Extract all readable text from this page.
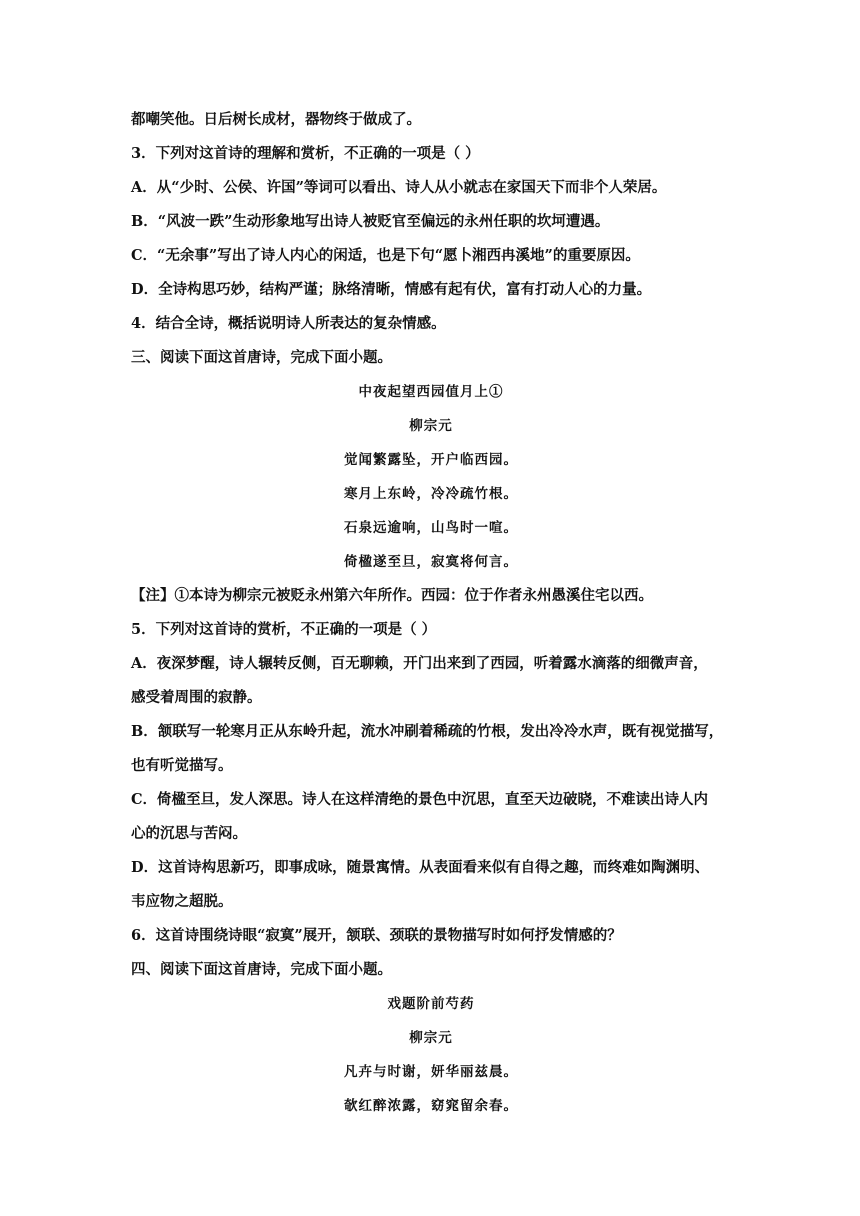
都嘲笑他。日后树长成材，器物终于做成了。
3．下列对这首诗的理解和赏析，不正确的一项是（ ）
A．从“少时、公侯、许国”等词可以看出、诗人从小就志在家国天下而非个人荣居。
B．“风波一跌”生动形象地写出诗人被贬官至偏远的永州任职的坎坷遭遇。
C．“无余事”写出了诗人内心的闲适，也是下句“愿卜湘西冉溪地”的重要原因。
D．全诗构思巧妙，结构严谨；脉络清晰，情感有起有伏，富有打动人心的力量。
4．结合全诗，概括说明诗人所表达的复杂情感。
三、阅读下面这首唐诗，完成下面小题。
中夜起望西园值月上①
柳宗元
觉闻繁露坠，开户临西园。
寒月上东岭，冷冷疏竹根。
石泉远逾响，山鸟时一喧。
倚楹遂至旦，寂寞将何言。
【注】①本诗为柳宗元被贬永州第六年所作。西园：位于作者永州愚溪住宅以西。
5．下列对这首诗的赏析，不 ·正 ·确 ·的一项是（ ）
A．夜深梦醒，诗人辗转反侧，百无聊赖，开门出来到了西园，听着露水滴落的细微声音，
感受着周围的寂静。
B．颔联写一轮寒月正从东岭升起，流水冲刷着稀疏的竹根，发出冷冷水声，既有视觉描写，
也有听觉描写。
C．倚楹至旦，发人深思。诗人在这样清绝的景色中沉思，直至天边破晓，不难读出诗人内
心的沉思与苦闷。
D．这首诗构思新巧，即事成咏，随景寓情。从表面看来似有自得之趣，而终难如陶渊明、
韦应物之超脱。
6．这首诗围绕诗眼“寂寞”展开，颔联、颈联的景物描写时如何抒发情感的？
四、阅读下面这首唐诗，完成下面小题。
戏题阶前芍药
柳宗元
凡卉与时谢，妍华丽兹晨。
欹红醉浓露，窈窕留余春。
